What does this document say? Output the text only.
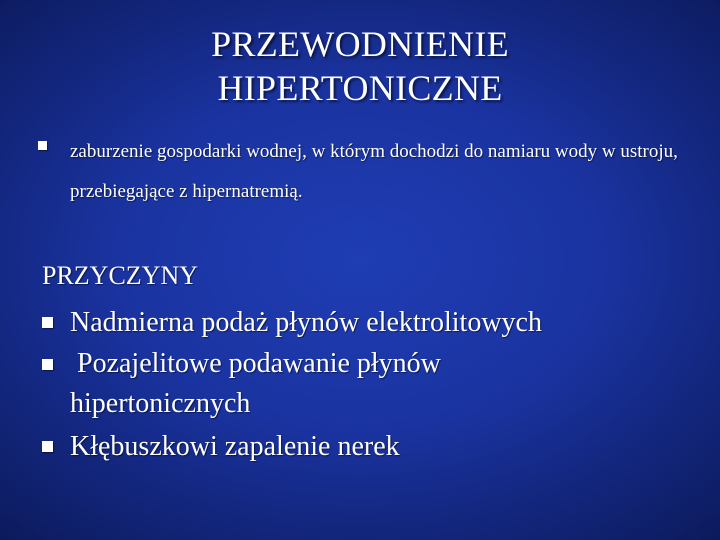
PRZEWODNIENIE
HIPERTONICZNE
zaburzenie gospodarki wodnej, w którym dochodzi do namiaru wody w ustroju, przebiegające z hipernatremią.
PRZYCZYNY
Nadmierna podaż płynów elektrolitowych
Pozajelitowe podawanie płynów hipertonicznych
Kłębuszkowi zapalenie nerek
